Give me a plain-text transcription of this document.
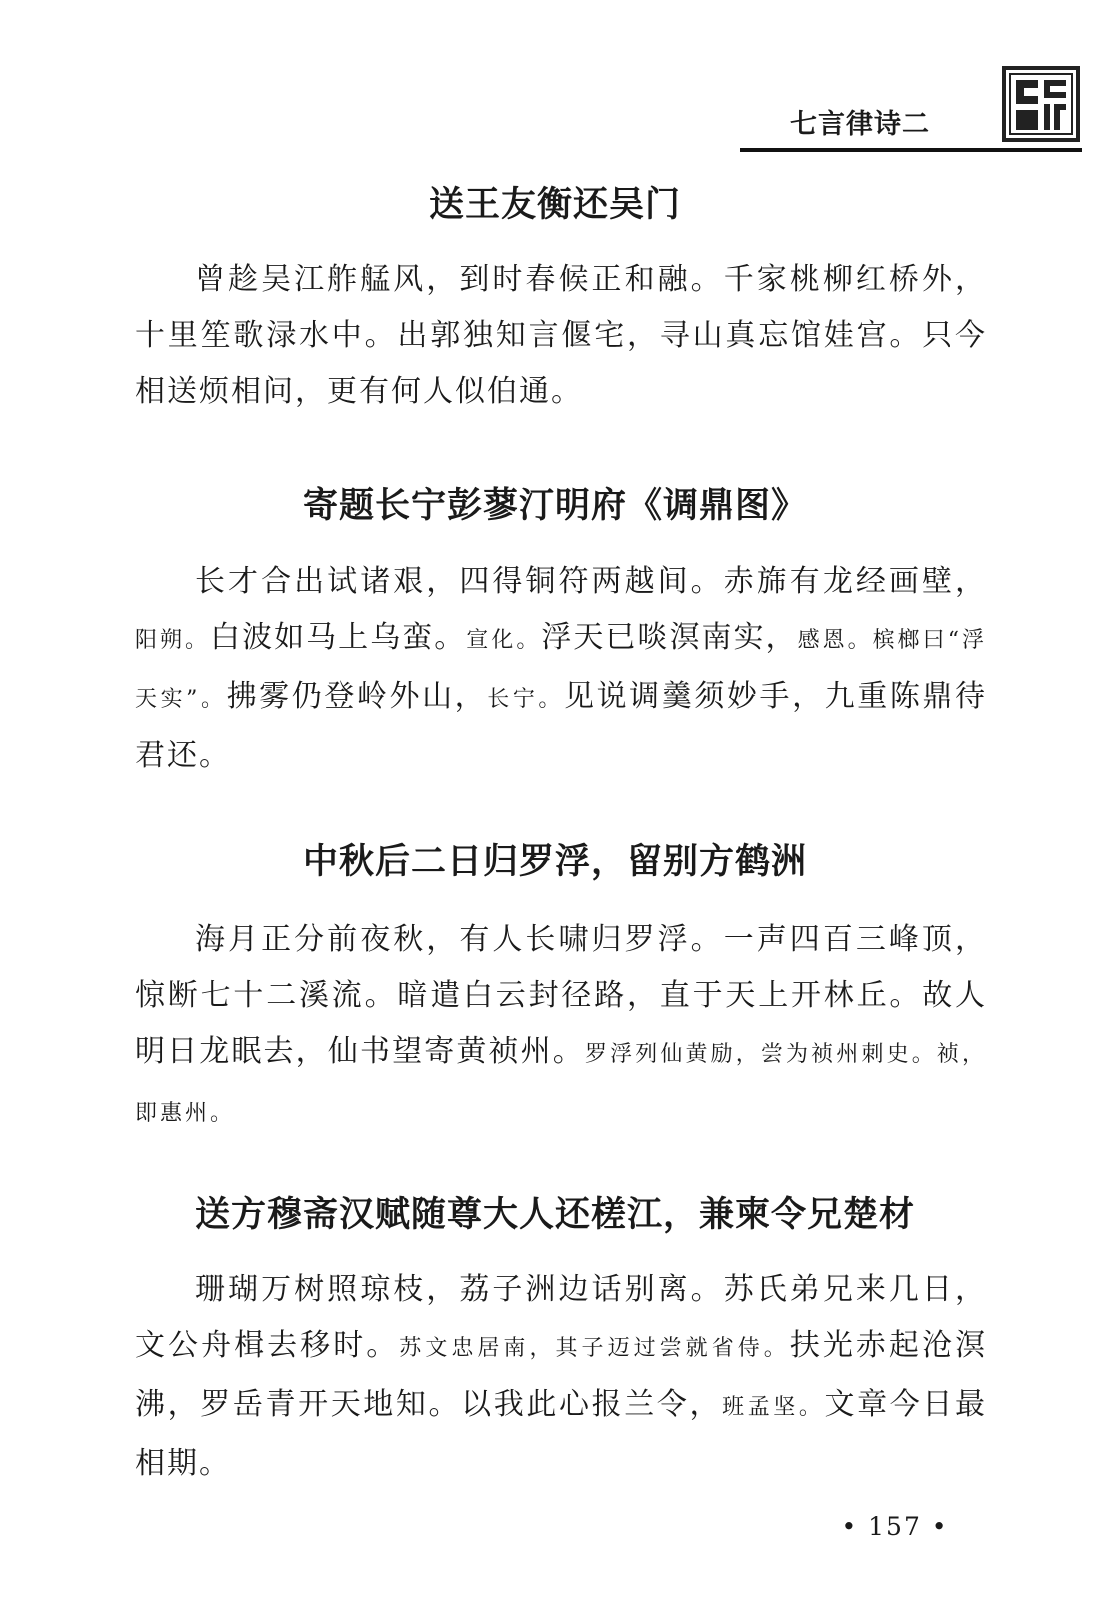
七言律诗二
送王友衡还吴门

曾趁吴江舴艋风，到时春候正和融。千家桃柳红桥外，十里笙歌渌水中。出郭独知言偃宅，寻山真忘馆娃宫。只今相送烦相问，更有何人似伯通。

寄题长宁彭蓼汀明府《调鼎图》

长才合出试诸艰，四得铜符两越间。赤旆有龙经画壁，阳朔。白波如马上乌蛮。宣化。浮天已啖溟南实，感恩。槟榔曰“浮天实”。拂雾仍登岭外山，长宁。见说调羹须妙手，九重陈鼎待君还。

中秋后二日归罗浮，留别方鹤洲

海月正分前夜秋，有人长啸归罗浮。一声四百三峰顶，惊断七十二溪流。暗遣白云封径路，直于天上开林丘。故人明日龙眠去，仙书望寄黄祯州。罗浮列仙黄励，尝为祯州刺史。祯，即惠州。

送方穆斋汉赋随尊大人还槎江，兼柬令兄楚材

珊瑚万树照琼枝，荔子洲边话别离。苏氏弟兄来几日，文公舟楫去移时。苏文忠居南，其子迈过尝就省侍。扶光赤起沧溟沸，罗岳青开天地知。以我此心报兰令，班孟坚。文章今日最相期。

• 157 •
